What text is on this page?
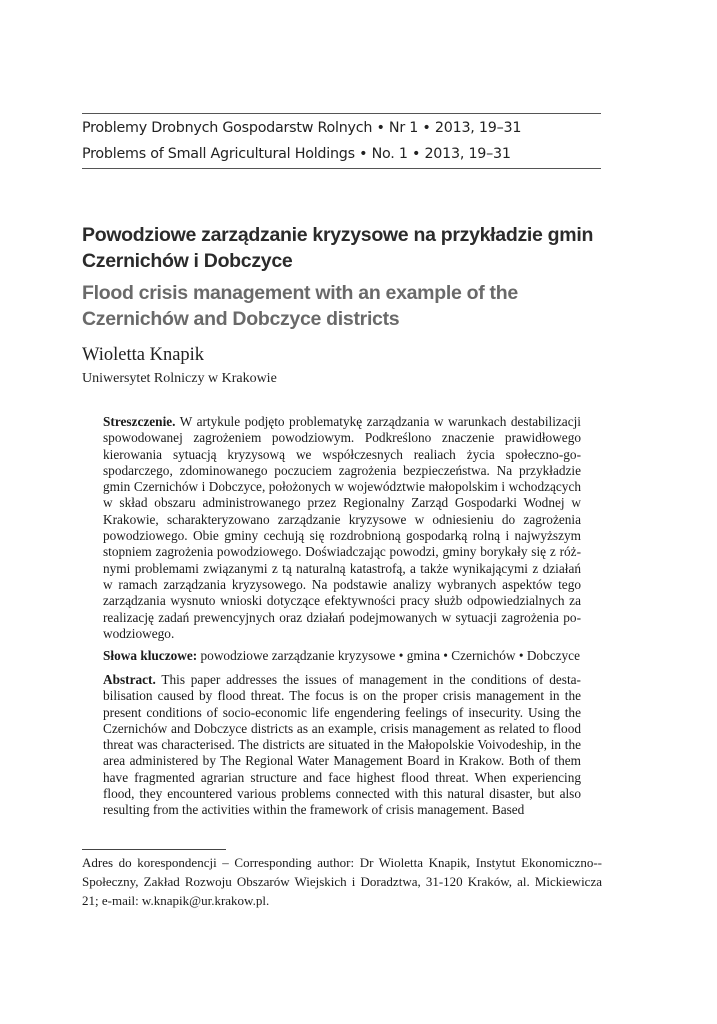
Problemy Drobnych Gospodarstw Rolnych • Nr 1 • 2013, 19–31
Problems of Small Agricultural Holdings • No. 1 • 2013, 19–31
Powodziowe zarządzanie kryzysowe na przykładzie gmin Czernichów i Dobczyce
Flood crisis management with an example of the Czernichów and Dobczyce districts
Wioletta Knapik
Uniwersytet Rolniczy w Krakowie
Streszczenie. W artykule podjęto problematykę zarządzania w warunkach destabilizacji spowodowanej zagrożeniem powodziowym. Podkreślono znaczenie prawidłowego kierowania sytuacją kryzysową we współczesnych realiach życia społeczno-gospodarczego, zdominowanego poczuciem zagrożenia bezpieczeństwa. Na przykładzie gmin Czernichów i Dobczyce, położonych w województwie małopolskim i wchodzących w skład obszaru administrowanego przez Regionalny Zarząd Gospodarki Wodnej w Krakowie, scharakteryzowano zarządzanie kryzysowe w odniesieniu do zagrożenia powodziowego. Obie gminy cechują się rozdrobnioną gospodarką rolną i najwyższym stopniem zagrożenia powodziowego. Doświadczając powodzi, gminy borykały się z różnymi problemami związanymi z tą naturalną katastrofą, a także wynikającymi z działań w ramach zarządzania kryzysowego. Na podstawie analizy wybranych aspektów tego zarządzania wysnuto wnioski dotyczące efektywności pracy służb odpowiedzialnych za realizację zadań prewencyjnych oraz działań podejmowanych w sytuacji zagrożenia powodziowego.
Słowa kluczowe: powodziowe zarządzanie kryzysowe • gmina • Czernichów • Dobczyce
Abstract. This paper addresses the issues of management in the conditions of destabilisation caused by flood threat. The focus is on the proper crisis management in the present conditions of socio-economic life engendering feelings of insecurity. Using the Czernichów and Dobczyce districts as an example, crisis management as related to flood threat was characterised. The districts are situated in the Małopolskie Voivodeship, in the area administered by The Regional Water Management Board in Krakow. Both of them have fragmented agrarian structure and face highest flood threat. When experiencing flood, they encountered various problems connected with this natural disaster, but also resulting from the activities within the framework of crisis management. Based
Adres do korespondencji – Corresponding author: Dr Wioletta Knapik, Instytut Ekonomiczno-Społeczny, Zakład Rozwoju Obszarów Wiejskich i Doradztwa, 31-120 Kraków, al. Mickiewicza 21; e-mail: w.knapik@ur.krakow.pl.
